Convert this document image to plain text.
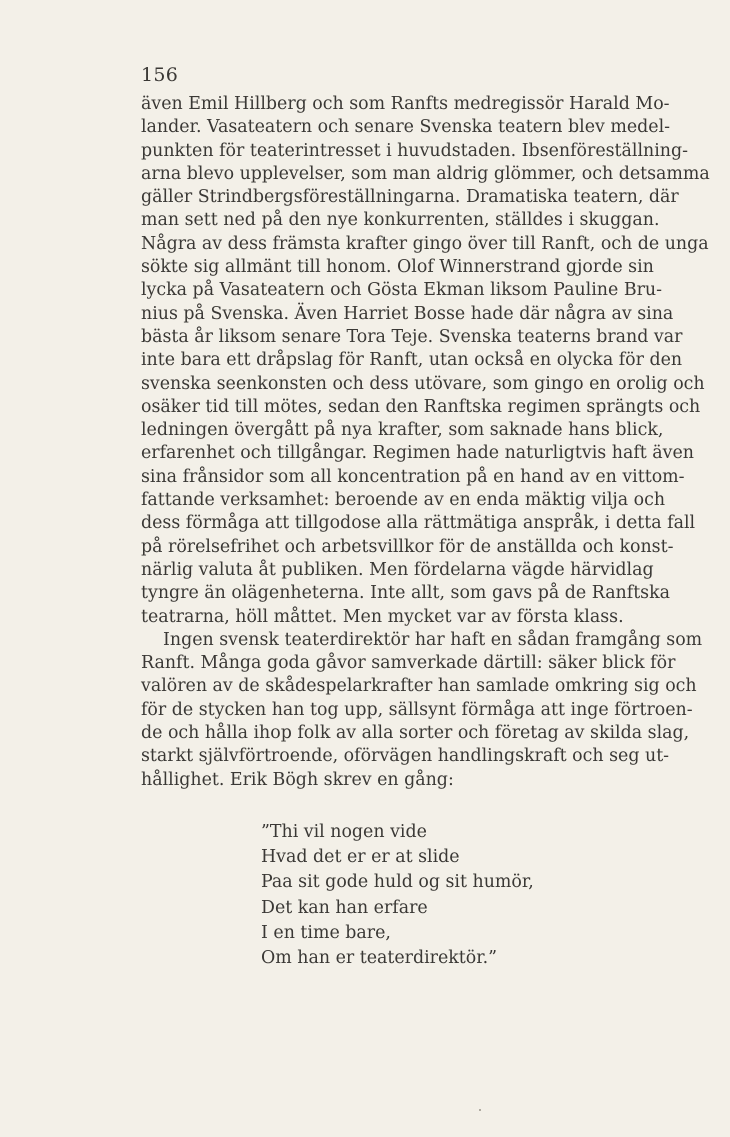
156
även Emil Hillberg och som Ranfts medregissör Harald Mo-
lander. Vasateatern och senare Svenska teatern blev medel-
punkten för teaterintresset i huvudstaden. Ibsenföreställning-
arna blevo upplevelser, som man aldrig glömmer, och detsamma
gäller Strindbergsföreställningarna. Dramatiska teatern, där
man sett ned på den nye konkurrenten, ställdes i skuggan.
Några av dess främsta krafter gingo över till Ranft, och de unga
sökte sig allmänt till honom. Olof Winnerstrand gjorde sin
lycka på Vasateatern och Gösta Ekman liksom Pauline Bru-
nius på Svenska. Även Harriet Bosse hade där några av sina
bästa år liksom senare Tora Teje. Svenska teaterns brand var
inte bara ett dråpslag för Ranft, utan också en olycka för den
svenska seenkonsten och dess utövare, som gingo en orolig och
osäker tid till mötes, sedan den Ranftska regimen sprängts och
ledningen övergått på nya krafter, som saknade hans blick,
erfarenhet och tillgångar. Regimen hade naturligtvis haft även
sina frånsidor som all koncentration på en hand av en vittom-
fattande verksamhet: beroende av en enda mäktig vilja och
dess förmåga att tillgodose alla rättmätiga anspråk, i detta fall
på rörelsefrihet och arbetsvillkor för de anställda och konst-
närlig valuta åt publiken. Men fördelarna vägde härvidlag
tyngre än olägenheterna. Inte allt, som gavs på de Ranftska
teatrarna, höll måttet. Men mycket var av första klass.
Ingen svensk teaterdirektör har haft en sådan framgång som
Ranft. Många goda gåvor samverkade därtill: säker blick för
valören av de skådespelarkrafter han samlade omkring sig och
för de stycken han tog upp, sällsynt förmåga att inge förtroen-
de och hålla ihop folk av alla sorter och företag av skilda slag,
starkt självförtroende, oförvägen handlingskraft och seg ut-
hållighet. Erik Bögh skrev en gång:
”Thi vil nogen vide
Hvad det er er at slide
Paa sit gode huld og sit humör,
Det kan han erfare
I en time bare,
Om han er teaterdirektör.”
